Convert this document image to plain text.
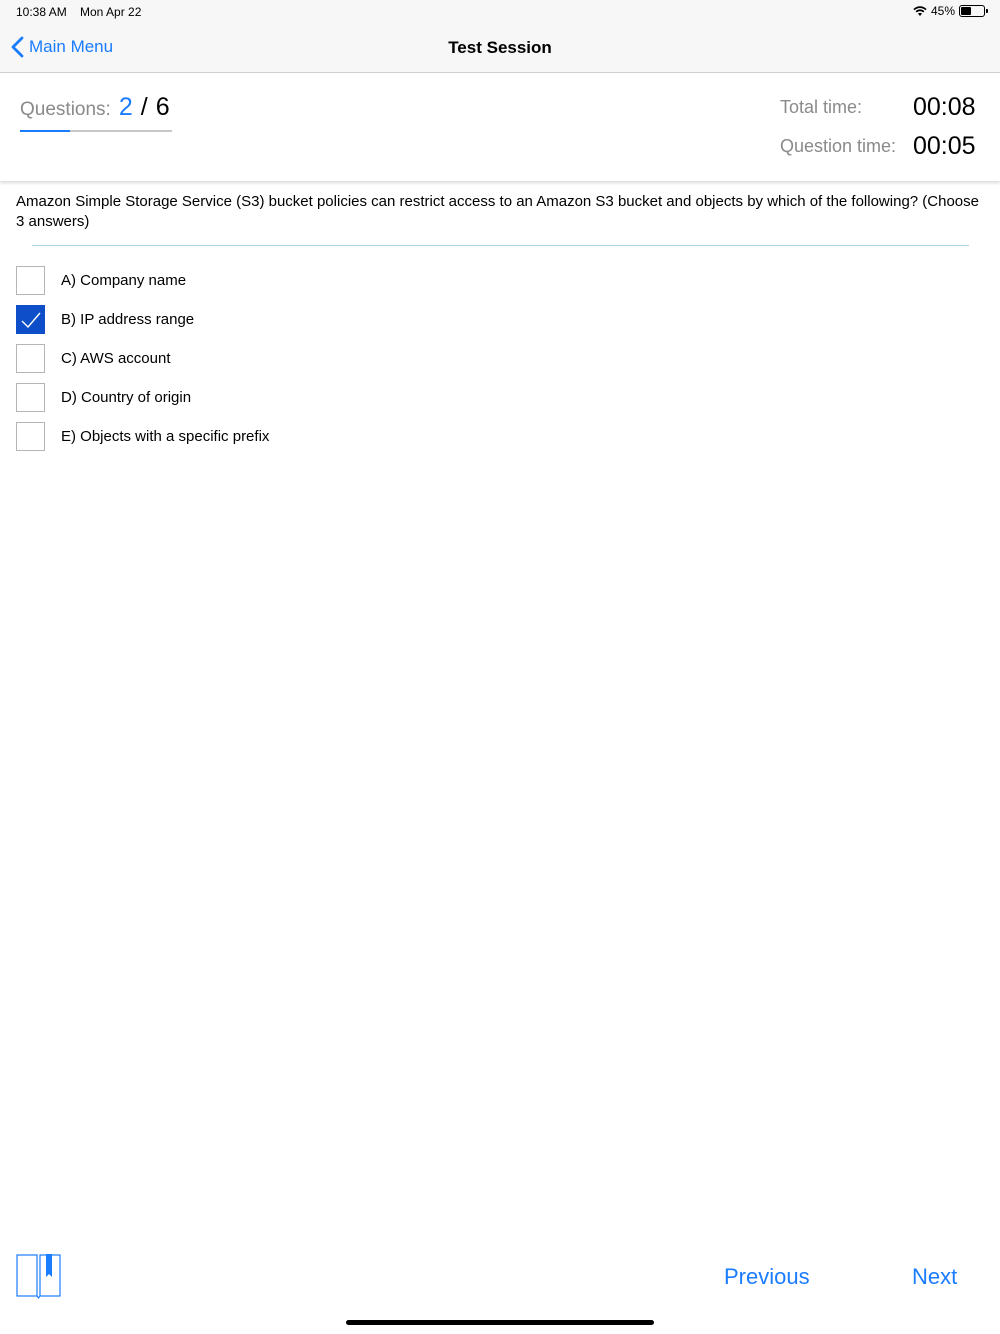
10:38 AM Mon Apr 22	45%
Main Menu	Test Session
Questions: 2 / 6	Total time: 00:08
Question time: 00:05
Amazon Simple Storage Service (S3) bucket policies can restrict access to an Amazon S3 bucket and objects by which of the following? (Choose 3 answers)
A) Company name
B) IP address range
C) AWS account
D) Country of origin
E) Objects with a specific prefix
Previous	Next
